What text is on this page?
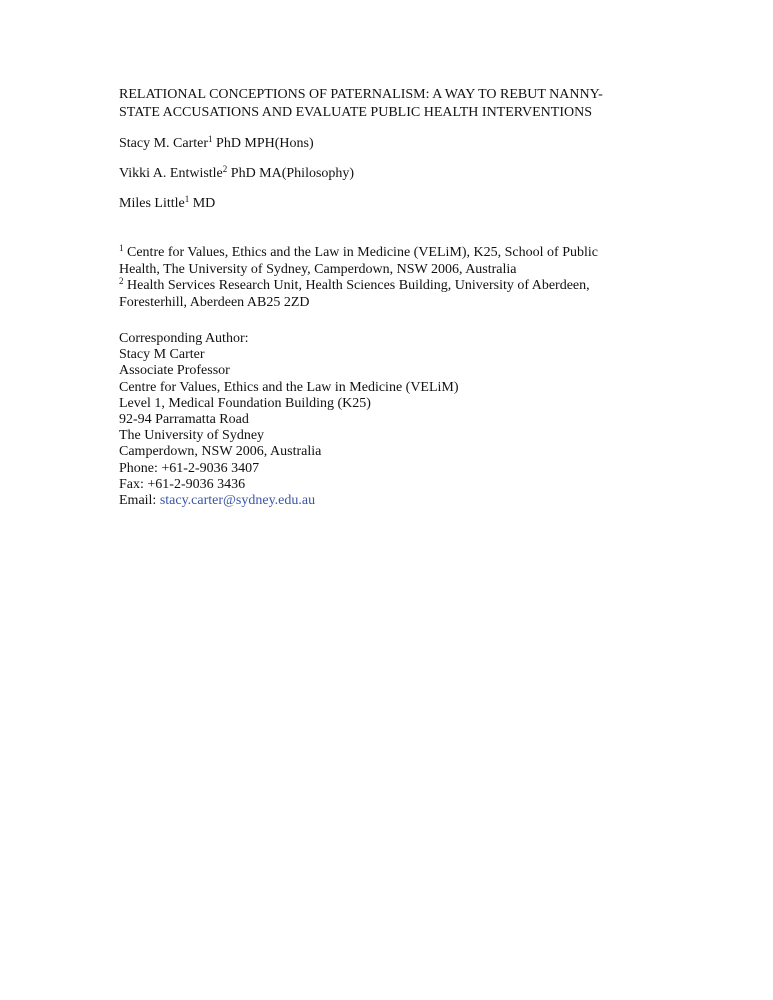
RELATIONAL CONCEPTIONS OF PATERNALISM: A WAY TO REBUT NANNY-
STATE ACCUSATIONS AND EVALUATE PUBLIC HEALTH INTERVENTIONS

Stacy M. Carter$^1$ PhD MPH(Hons)

Vikki A. Entwistle$^2$ PhD MA(Philosophy)

Miles Little$^1$ MD

$^1$ Centre for Values, Ethics and the Law in Medicine (VELiM), K25, School of Public
Health, The University of Sydney, Camperdown, NSW 2006, Australia

$^2$ Health Services Research Unit, Health Sciences Building, University of Aberdeen,
Foresterhill, Aberdeen AB25 2ZD

Corresponding Author:
Stacy M Carter
Associate Professor
Centre for Values, Ethics and the Law in Medicine (VELiM)
Level 1, Medical Foundation Building (K25)
92-94 Parramatta Road
The University of Sydney
Camperdown, NSW 2006, Australia
Phone: +61-2-9036 3407
Fax: +61-2-9036 3436
Email: stacy.carter@sydney.edu.au
